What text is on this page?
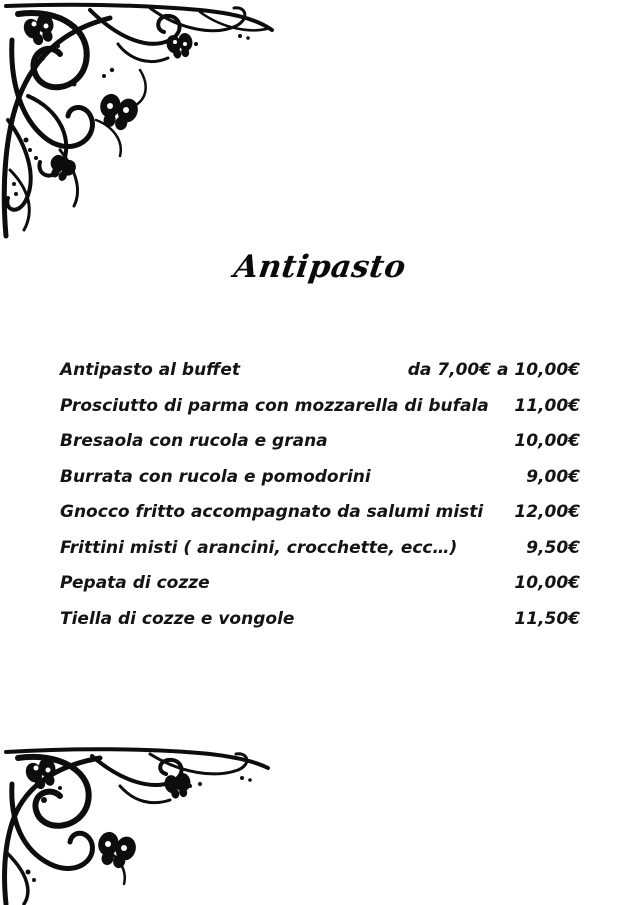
Antipasto
Antipasto al buffet	da 7,00€ a 10,00€
Prosciutto di parma con mozzarella di bufala 11,00€
Bresaola con rucola e grana	10,00€
Burrata con rucola e pomodorini	9,00€
Gnocco fritto accompagnato da salumi misti 12,00€
Frittini misti ( arancini, crocchette, ecc…)	9,50€
Pepata di cozze	10,00€
Tiella di cozze e vongole	11,50€
